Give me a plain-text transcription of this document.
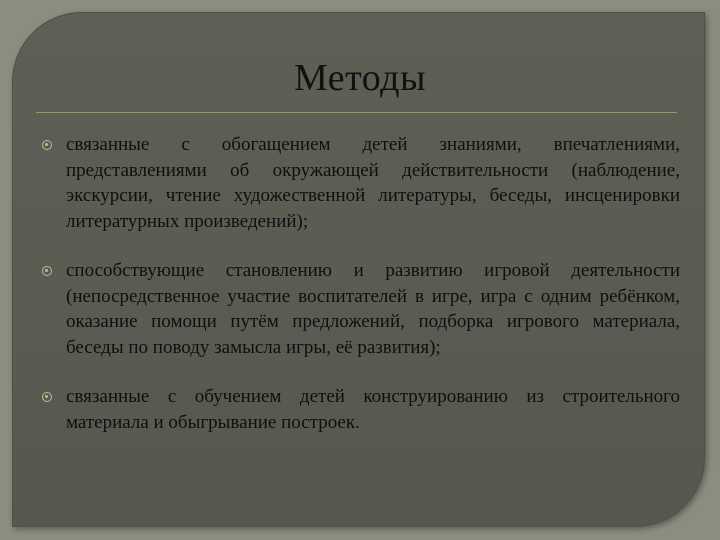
Методы
связанные с обогащением детей знаниями, впечатлениями, представлениями об окружающей действительности (наблюдение, экскурсии, чтение художественной литературы, беседы, инсценировки литературных произведений);
способствующие становлению и развитию игровой деятельности (непосредственное участие воспитателей в игре, игра с одним ребёнком, оказание помощи путём предложений, подборка игрового материала, беседы по поводу замысла игры, её развития);
связанные с обучением детей конструированию из строительного материала и обыгрывание построек.
